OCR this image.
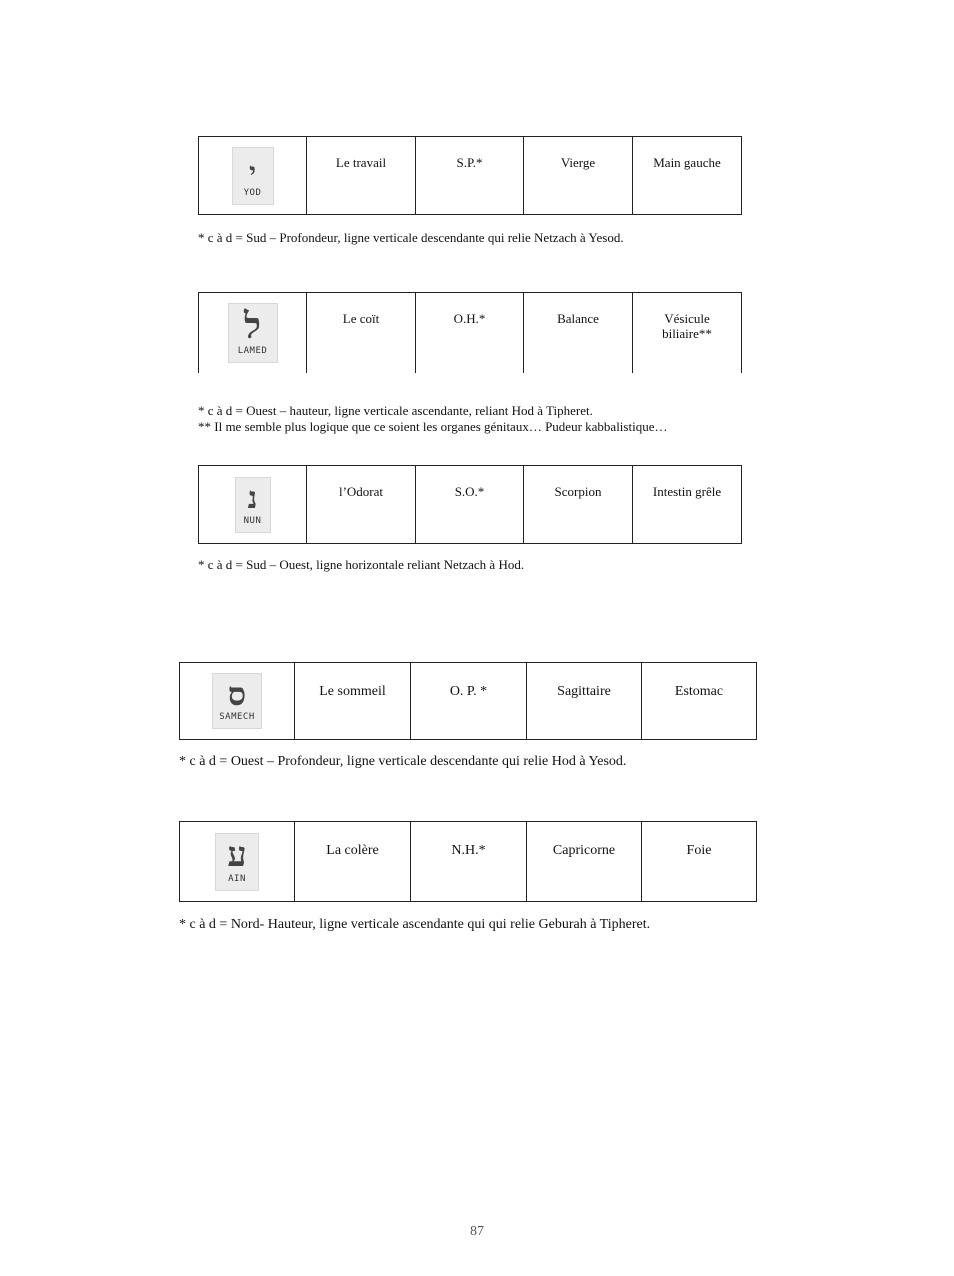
י
YOD
	Le travail	S.P.*	Vierge	Main gauche
* c à d = Sud – Profondeur, ligne verticale descendante qui relie Netzach à Yesod.
ל
LAMED
	Le coït	O.H.*	Balance	Vésicule biliaire**
* c à d = Ouest – hauteur, ligne verticale ascendante, reliant Hod à Tipheret.
** Il me semble plus logique que ce soient les organes génitaux… Pudeur kabbalistique…
נ
NUN
	l’Odorat	S.O.*	Scorpion	Intestin grêle
* c à d = Sud – Ouest, ligne horizontale reliant Netzach à Hod.
ס
SAMECH
	Le sommeil	O. P. *	Sagittaire	Estomac
* c à d = Ouest – Profondeur, ligne verticale descendante qui relie Hod à Yesod.
ע
AIN
	La colère	N.H.*	Capricorne	Foie
* c à d = Nord- Hauteur, ligne verticale ascendante qui qui relie Geburah à Tipheret.
87
